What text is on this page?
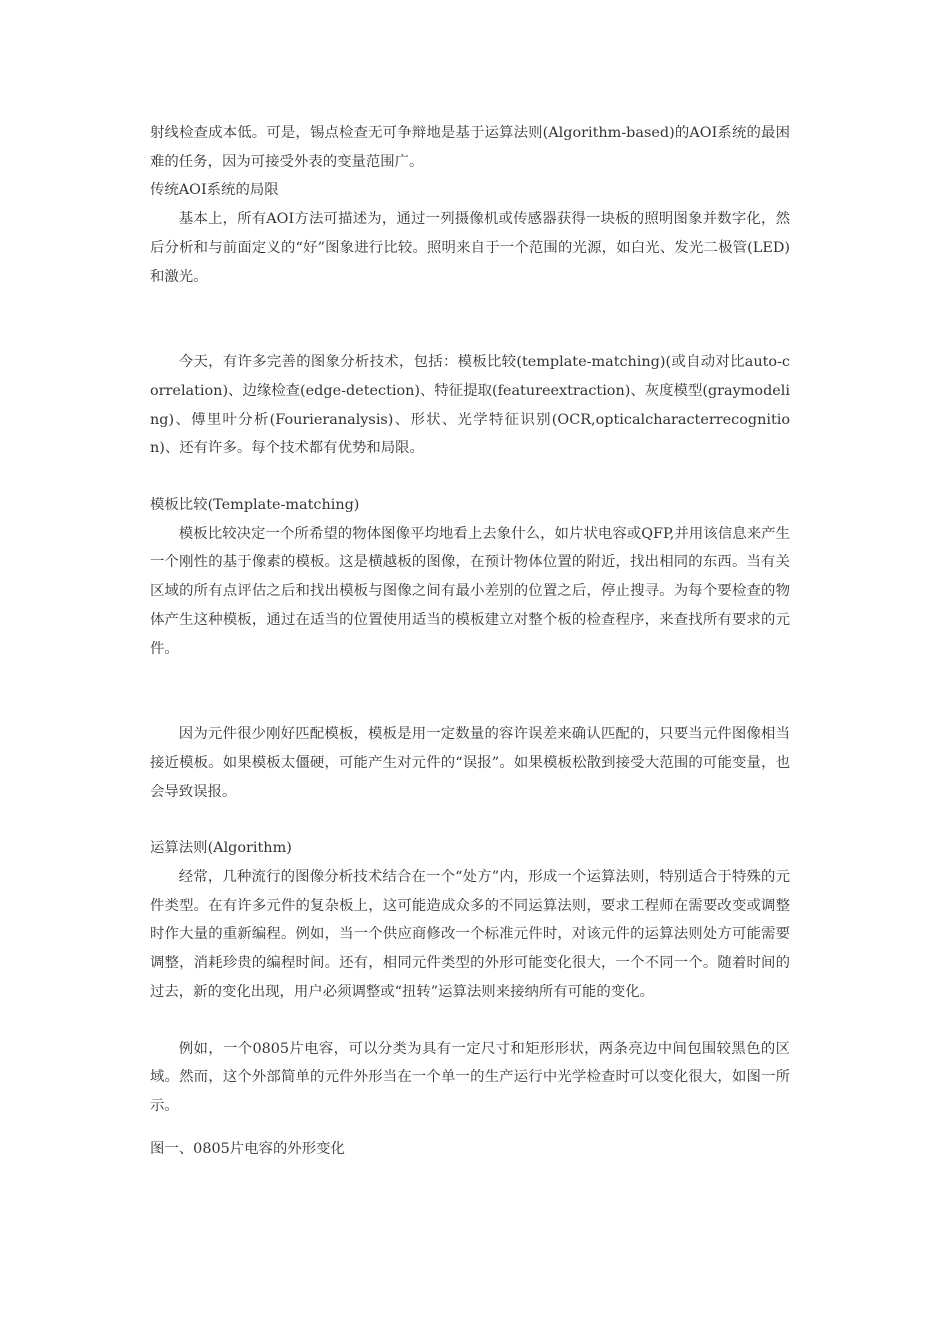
射线检查成本低。可是，锡点检查无可争辩地是基于运算法则(Algorithm-based)的AOI系统的最困难的任务，因为可接受外表的变量范围广。

传统AOI系统的局限

基本上，所有AOI方法可描述为，通过一列摄像机或传感器获得一块板的照明图象并数字化，然后分析和与前面定义的“好”图象进行比较。照明来自于一个范围的光源，如白光、发光二极管(LED)和激光。

今天，有许多完善的图象分析技术，包括：模板比较(template-matching)(或自动对比auto-correlation)、边缘检查(edge-detection)、特征提取(featureextraction)、灰度模型(graymodeling)、傅里叶分析(Fourieranalysis)、形状、光学特征识别(OCR,opticalcharacterrecognition)、还有许多。每个技术都有优势和局限。

模板比较(Template-matching)

模板比较决定一个所希望的物体图像平均地看上去象什么，如片状电容或QFP,并用该信息来产生一个刚性的基于像素的模板。这是横越板的图像，在预计物体位置的附近，找出相同的东西。当有关区域的所有点评估之后和找出模板与图像之间有最小差别的位置之后，停止搜寻。为每个要检查的物体产生这种模板，通过在适当的位置使用适当的模板建立对整个板的检查程序，来查找所有要求的元件。

因为元件很少刚好匹配模板，模板是用一定数量的容许误差来确认匹配的，只要当元件图像相当接近模板。如果模板太僵硬，可能产生对元件的“误报”。如果模板松散到接受大范围的可能变量，也会导致误报。

运算法则(Algorithm)

经常，几种流行的图像分析技术结合在一个“处方”内，形成一个运算法则，特别适合于特殊的元件类型。在有许多元件的复杂板上，这可能造成众多的不同运算法则，要求工程师在需要改变或调整时作大量的重新编程。例如，当一个供应商修改一个标准元件时，对该元件的运算法则处方可能需要调整，消耗珍贵的编程时间。还有，相同元件类型的外形可能变化很大，一个不同一个。随着时间的过去，新的变化出现，用户必须调整或“扭转”运算法则来接纳所有可能的变化。

例如，一个0805片电容，可以分类为具有一定尺寸和矩形形状，两条亮边中间包围较黑色的区域。然而，这个外部简单的元件外形当在一个单一的生产运行中光学检查时可以变化很大，如图一所示。

图一、0805片电容的外形变化
